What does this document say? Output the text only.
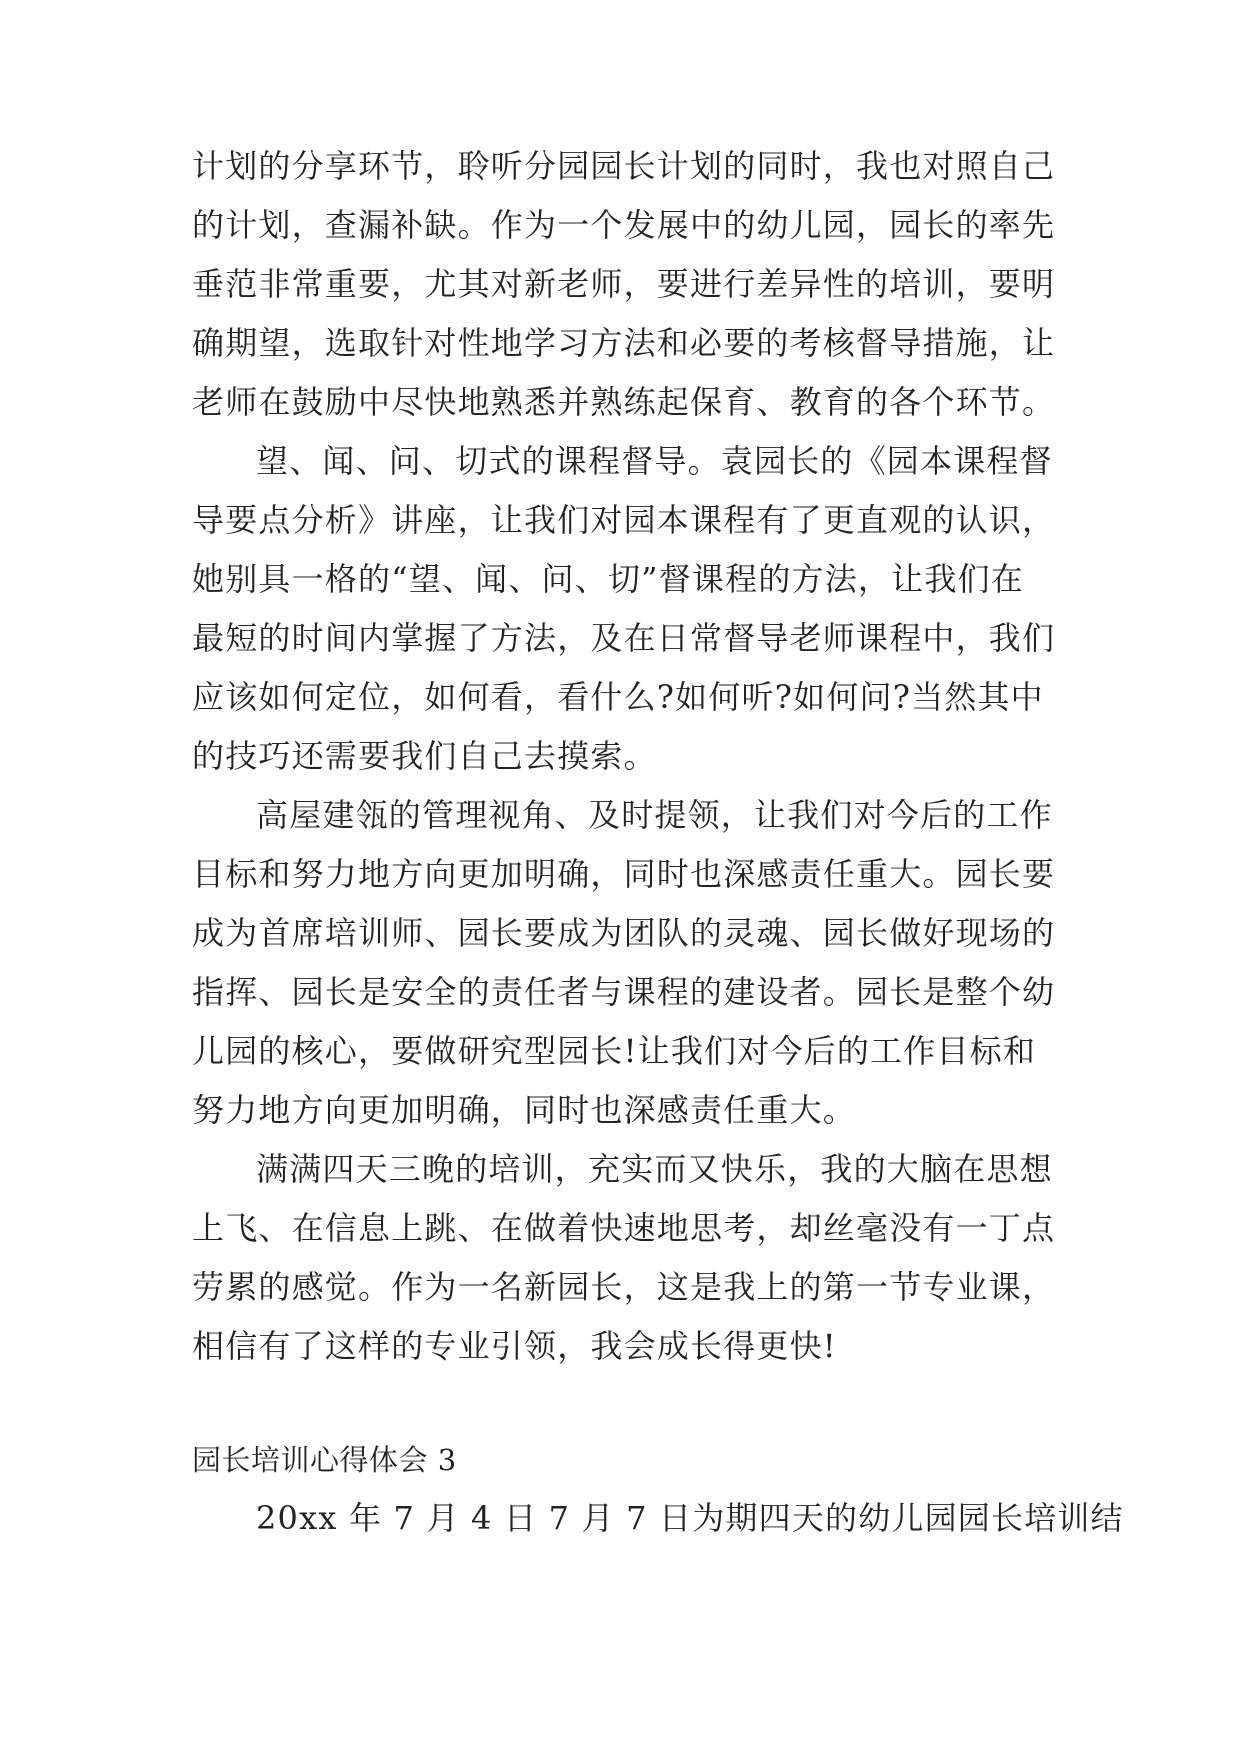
计划的分享环节，聆听分园园长计划的同时，我也对照自己
的计划，查漏补缺。作为一个发展中的幼儿园，园长的率先
垂范非常重要，尤其对新老师，要进行差异性的培训，要明
确期望，选取针对性地学习方法和必要的考核督导措施，让
老师在鼓励中尽快地熟悉并熟练起保育、教育的各个环节。
望、闻、问、切式的课程督导。袁园长的《园本课程督
导要点分析》讲座，让我们对园本课程有了更直观的认识，
她别具一格的“望、闻、问、切”督课程的方法，让我们在
最短的时间内掌握了方法，及在日常督导老师课程中，我们
应该如何定位，如何看，看什么?如何听?如何问?当然其中
的技巧还需要我们自己去摸索。
高屋建瓴的管理视角、及时提领，让我们对今后的工作
目标和努力地方向更加明确，同时也深感责任重大。园长要
成为首席培训师、园长要成为团队的灵魂、园长做好现场的
指挥、园长是安全的责任者与课程的建设者。园长是整个幼
儿园的核心，要做研究型园长!让我们对今后的工作目标和
努力地方向更加明确，同时也深感责任重大。
满满四天三晚的培训，充实而又快乐，我的大脑在思想
上飞、在信息上跳、在做着快速地思考，却丝毫没有一丁点
劳累的感觉。作为一名新园长，这是我上的第一节专业课，
相信有了这样的专业引领，我会成长得更快!
园长培训心得体会 3
20xx 年 7 月 4 日 7 月 7 日为期四天的幼儿园园长培训结
